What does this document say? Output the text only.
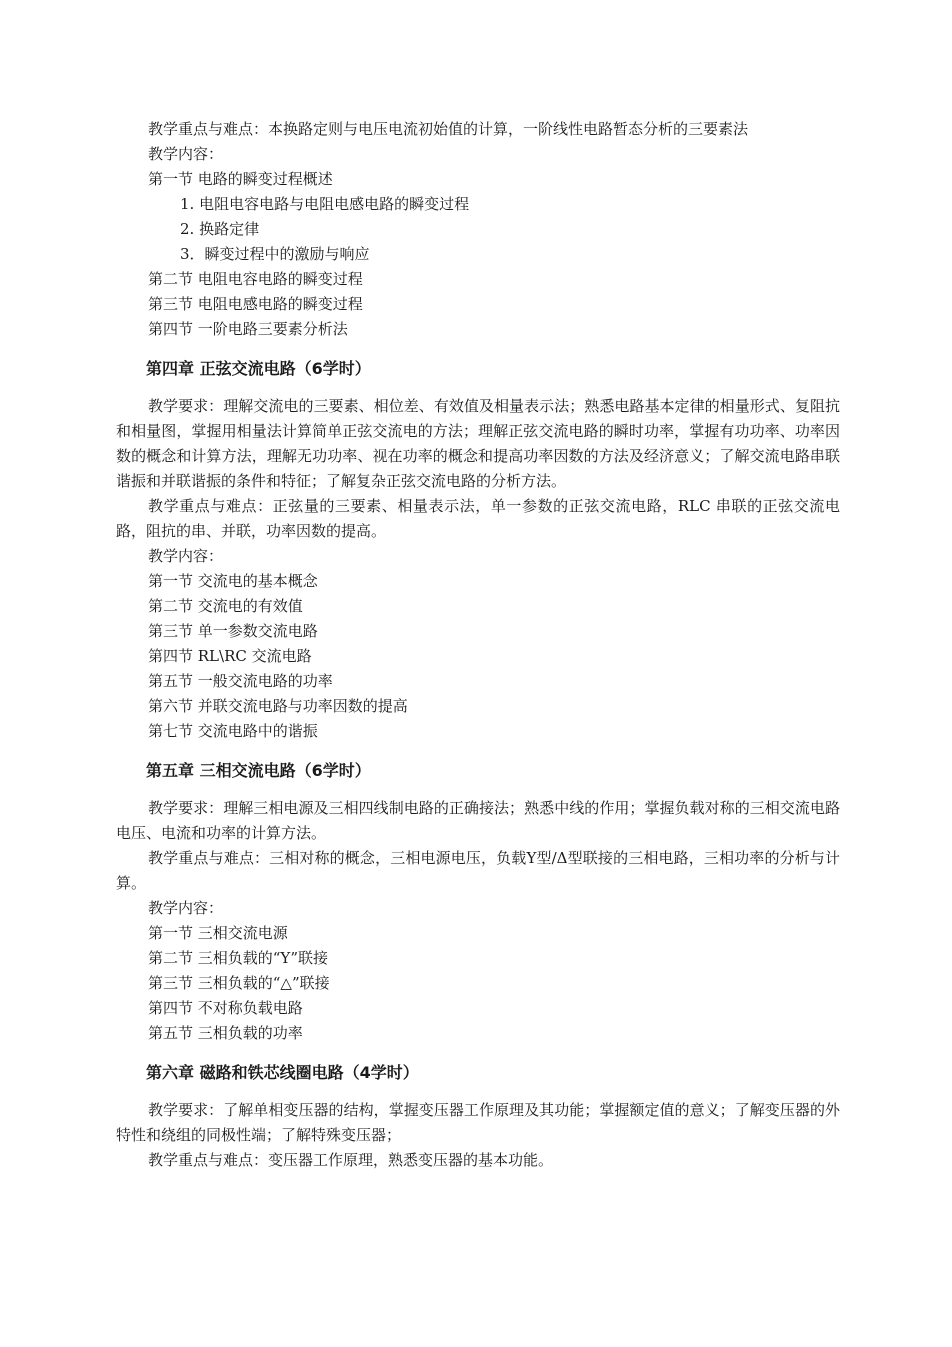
教学重点与难点：本换路定则与电压电流初始值的计算，一阶线性电路暂态分析的三要素法
教学内容：
第一节 电路的瞬变过程概述
1. 电阻电容电路与电阻电感电路的瞬变过程
2. 换路定律
3．瞬变过程中的激励与响应
第二节 电阻电容电路的瞬变过程
第三节 电阻电感电路的瞬变过程
第四节 一阶电路三要素分析法
第四章 正弦交流电路（6学时）
教学要求：理解交流电的三要素、相位差、有效值及相量表示法；熟悉电路基本定律的相量形式、复阻抗和相量图，掌握用相量法计算简单正弦交流电的方法；理解正弦交流电路的瞬时功率，掌握有功功率、功率因数的概念和计算方法，理解无功功率、视在功率的概念和提高功率因数的方法及经济意义；了解交流电路串联谐振和并联谐振的条件和特征；了解复杂正弦交流电路的分析方法。
教学重点与难点：正弦量的三要素、相量表示法，单一参数的正弦交流电路，RLC 串联的正弦交流电路，阻抗的串、并联，功率因数的提高。
教学内容：
第一节 交流电的基本概念
第二节 交流电的有效值
第三节 单一参数交流电路
第四节 RL\RC 交流电路
第五节 一般交流电路的功率
第六节 并联交流电路与功率因数的提高
第七节 交流电路中的谐振
第五章 三相交流电路（6学时）
教学要求：理解三相电源及三相四线制电路的正确接法；熟悉中线的作用；掌握负载对称的三相交流电路电压、电流和功率的计算方法。
教学重点与难点：三相对称的概念，三相电源电压，负载Y型/Δ型联接的三相电路，三相功率的分析与计算。
教学内容：
第一节 三相交流电源
第二节 三相负载的“Y”联接
第三节 三相负载的“△”联接
第四节 不对称负载电路
第五节 三相负载的功率
第六章 磁路和铁芯线圈电路（4学时）
教学要求：了解单相变压器的结构，掌握变压器工作原理及其功能；掌握额定值的意义；了解变压器的外特性和绕组的同极性端；了解特殊变压器；
教学重点与难点：变压器工作原理，熟悉变压器的基本功能。
